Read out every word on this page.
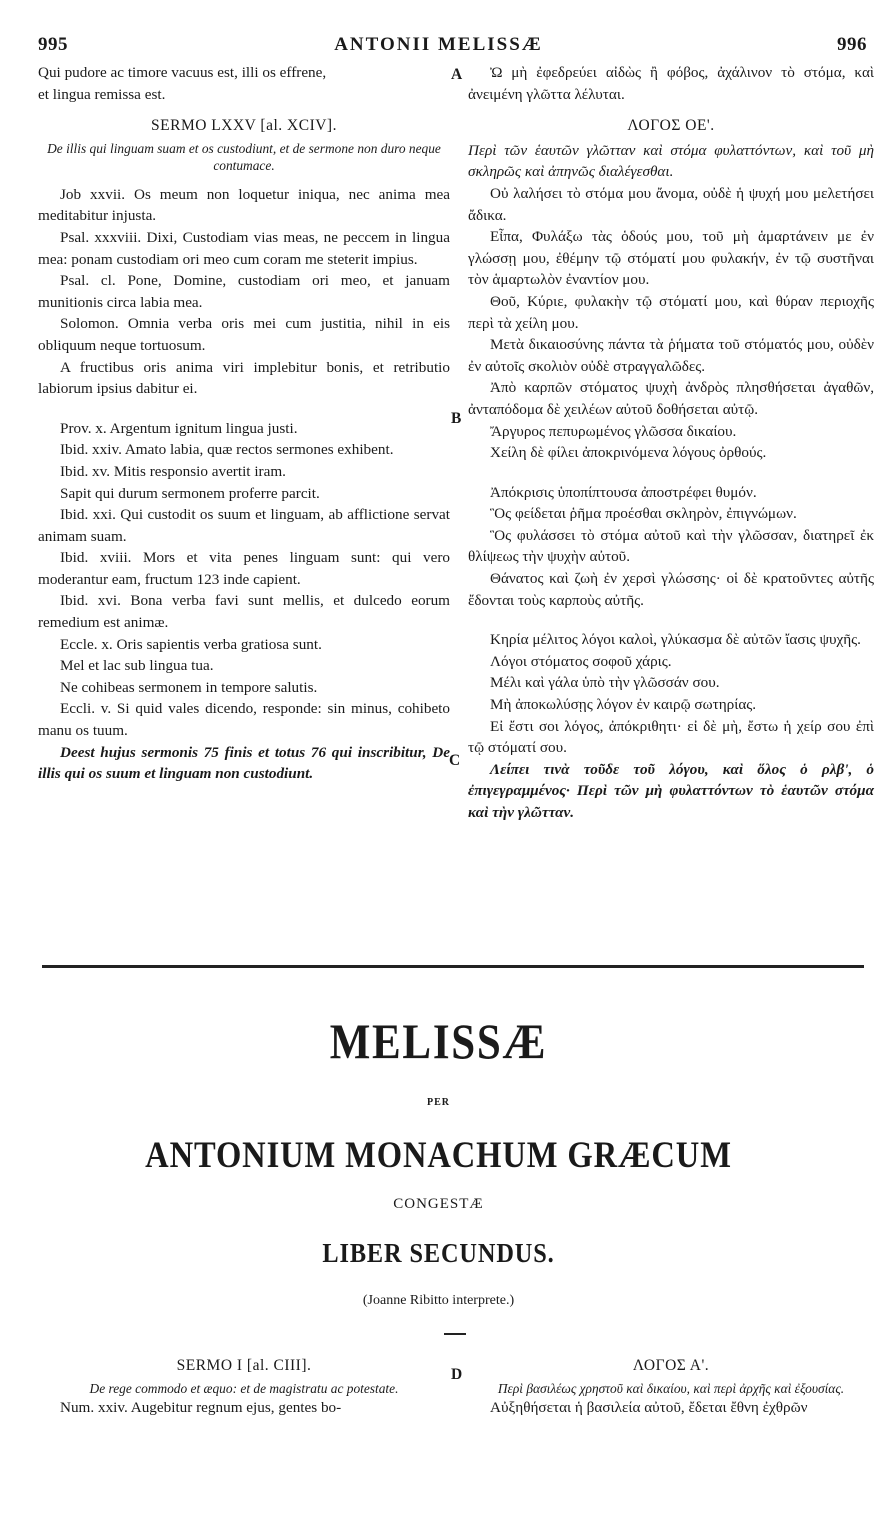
995	ANTONII MELISSÆ	996

Qui pudore ac timore vacuus est, illi os effrene,

et lingua remissa est.

SERMO LXXV [al. XCIV].

De illis qui linguam suam et os custodiunt, et de sermone non duro neque contumace.

Job xxvii. Os meum non loquetur iniqua, nec anima mea meditabitur injusta.

Psal. xxxviii. Dixi, Custodiam vias meas, ne peccem in lingua mea: ponam custodiam ori meo cum coram me steterit impius.

Psal. cl. Pone, Domine, custodiam ori meo, et januam munitionis circa labia mea.

Solomon. Omnia verba oris mei cum justitia, nihil in eis obliquum neque tortuosum.

A fructibus oris anima viri implebitur bonis, et retributio labiorum ipsius dabitur ei.

Prov. x. Argentum ignitum lingua justi.

Ibid. xxiv. Amato labia, quæ rectos sermones exhibent.

Ibid. xv. Mitis responsio avertit iram.

Sapit qui durum sermonem proferre parcit.

Ibid. xxi. Qui custodit os suum et linguam, ab afflictione servat animam suam.

Ibid. xviii. Mors et vita penes linguam sunt: qui vero moderantur eam, fructum 123 inde capient.

Ibid. xvi. Bona verba favi sunt mellis, et dulcedo eorum remedium est animæ.

Eccle. x. Oris sapientis verba gratiosa sunt.

Mel et lac sub lingua tua.

Ne cohibeas sermonem in tempore salutis.

Eccli. v. Si quid vales dicendo, responde: sin minus, cohibeto manu os tuum.

Deest hujus sermonis 75 finis et totus 76 qui inscribitur, De illis qui os suum et linguam non custodiunt.

Ὠ μὴ ἐφεδρεύει αἰδὼς ἢ φόβος, ἀχάλινον τὸ στόμα, καὶ ἀνειμένη γλῶττα λέλυται.

ΛΟΓΟΣ ΟΕ'.

Περὶ τῶν ἑαυτῶν γλῶτταν καὶ στόμα φυλαττόντων, καὶ τοῦ μὴ σκληρῶς καὶ ἀπηνῶς διαλέγεσθαι.

Οὐ λαλήσει τὸ στόμα μου ἄνομα, οὐδὲ ἡ ψυχή μου μελετήσει ἄδικα.

Εἶπα, Φυλάξω τὰς ὁδούς μου, τοῦ μὴ ἁμαρτάνειν με ἐν γλώσσῃ μου, ἐθέμην τῷ στόματί μου φυλακήν, ἐν τῷ συστῆναι τὸν ἁμαρτωλὸν ἐναντίον μου.

Θοῦ, Κύριε, φυλακὴν τῷ στόματί μου, καὶ θύραν περιοχῆς περὶ τὰ χείλη μου.

Μετὰ δικαιοσύνης πάντα τὰ ῥήματα τοῦ στόματός μου, οὐδὲν ἐν αὐτοῖς σκολιὸν οὐδὲ στραγγαλῶδες.

Ἀπὸ καρπῶν στόματος ψυχὴ ἀνδρὸς πλησθήσεται ἀγαθῶν, ἀνταπόδομα δὲ χειλέων αὐτοῦ δοθήσεται αὐτῷ.

Ἄργυρος πεπυρωμένος γλῶσσα δικαίου.

Χείλη δὲ φίλει ἀποκρινόμενα λόγους ὀρθούς.

Ἀπόκρισις ὑποπίπτουσα ἀποστρέφει θυμόν.

Ὃς φείδεται ῥῆμα προέσθαι σκληρὸν, ἐπιγνώμων.

Ὃς φυλάσσει τὸ στόμα αὐτοῦ καὶ τὴν γλῶσσαν, διατηρεῖ ἐκ θλίψεως τὴν ψυχὴν αὐτοῦ.

Θάνατος καὶ ζωὴ ἐν χερσὶ γλώσσης· οἱ δὲ κρατοῦντες αὐτῆς ἔδονται τοὺς καρποὺς αὐτῆς.

Κηρία μέλιτος λόγοι καλοὶ, γλύκασμα δὲ αὐτῶν ἴασις ψυχῆς.

Λόγοι στόματος σοφοῦ χάρις.

Μέλι καὶ γάλα ὑπὸ τὴν γλῶσσάν σου.

Μὴ ἀποκωλύσῃς λόγον ἐν καιρῷ σωτηρίας.

Εἰ ἔστι σοι λόγος, ἀπόκριθητι· εἰ δὲ μὴ, ἔστω ἡ χείρ σου ἐπὶ τῷ στόματί σου.

Λείπει τινὰ τοῦδε τοῦ λόγου, καὶ ὅλος ὁ ρλβ', ὁ ἐπιγεγραμμένος· Περὶ τῶν μὴ φυλαττόντων τὸ ἑαυτῶν στόμα καὶ τὴν γλῶτταν.

A
B
C
D
MELISSÆ
PER
ANTONIUM MONACHUM GRÆCUM
CONGESTÆ
LIBER SECUNDUS.
(Joanne Ribitto interprete.)

SERMO I [al. CIII].

De rege commodo et æquo: et de magistratu ac potestate.

Num. xxiv. Augebitur regnum ejus, gentes bo-

ΛΟΓΟΣ Α'.

Περὶ βασιλέως χρηστοῦ καὶ δικαίου, καὶ περὶ ἀρχῆς καὶ ἐξουσίας.

Αὐξηθήσεται ἡ βασιλεία αὐτοῦ, ἔδεται ἔθνη ἐχθρῶν
